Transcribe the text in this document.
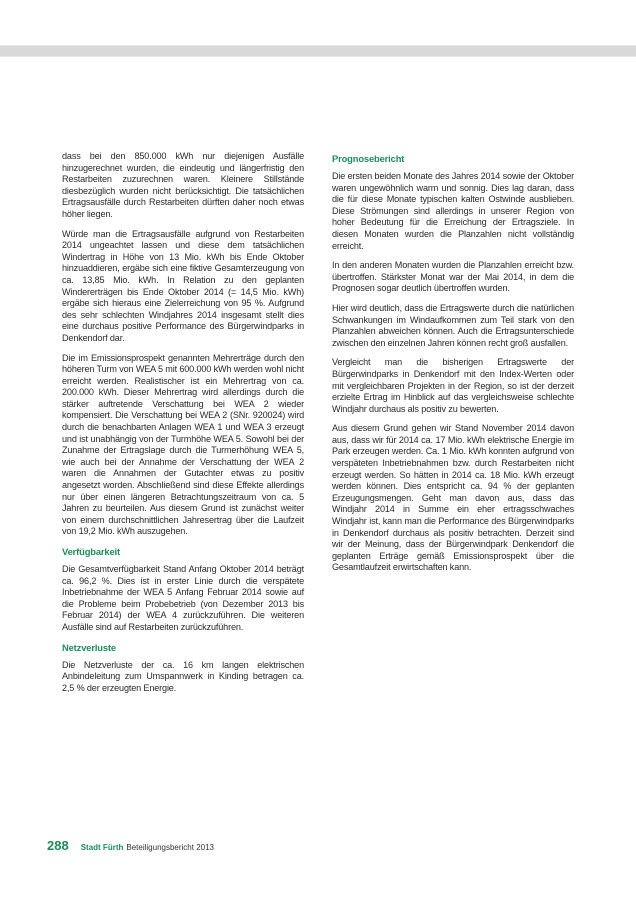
dass bei den 850.000 kWh nur diejenigen Ausfälle hinzugerechnet wurden, die eindeutig und längerfristig den Restarbeiten zuzurechnen waren. Kleinere Stillstände diesbezüglich wurden nicht berücksichtigt. Die tatsächlichen Ertragsausfälle durch Restarbeiten dürften daher noch etwas höher liegen.

Würde man die Ertragsausfälle aufgrund von Restarbeiten 2014 ungeachtet lassen und diese dem tatsächlichen Windertrag in Höhe von 13 Mio. kWh bis Ende Oktober hinzuaddieren, ergäbe sich eine fiktive Gesamterzeugung von ca. 13,85 Mio. kWh. In Relation zu den geplanten Windererträgen bis Ende Oktober 2014 (= 14,5 Mio. kWh) ergäbe sich hieraus eine Zielerreichung von 95 %. Aufgrund des sehr schlechten Windjahres 2014 insgesamt stellt dies eine durchaus positive Performance des Bürgerwindparks in Denkendorf dar.

Die im Emissionsprospekt genannten Mehrerträge durch den höheren Turm von WEA 5 mit 600.000 kWh werden wohl nicht erreicht werden. Realistischer ist ein Mehrertrag von ca. 200.000 kWh. Dieser Mehrertrag wird allerdings durch die stärker auftretende Verschattung bei WEA 2 wieder kompensiert. Die Verschattung bei WEA 2 (SNr. 920024) wird durch die benachbarten Anlagen WEA 1 und WEA 3 erzeugt und ist unabhängig von der Turmhöhe WEA 5. Sowohl bei der Zunahme der Ertragslage durch die Turmerhöhung WEA 5, wie auch bei der Annahme der Verschattung der WEA 2 waren die Annahmen der Gutachter etwas zu positiv angesetzt worden. Abschließend sind diese Effekte allerdings nur über einen längeren Betrachtungszeitraum von ca. 5 Jahren zu beurteilen. Aus diesem Grund ist zunächst weiter von einem durchschnittlichen Jahresertrag über die Laufzeit von 19,2 Mio. kWh auszugehen.

Verfügbarkeit

Die Gesamtverfügbarkeit Stand Anfang Oktober 2014 beträgt ca. 96,2 %. Dies ist in erster Linie durch die verspätete Inbetriebnahme der WEA 5 Anfang Februar 2014 sowie auf die Probleme beim Probebetrieb (von Dezember 2013 bis Februar 2014) der WEA 4 zurückzuführen. Die weiteren Ausfälle sind auf Restarbeiten zurückzuführen.

Netzverluste

Die Netzverluste der ca. 16 km langen elektrischen Anbindeleitung zum Umspannwerk in Kinding betragen ca. 2,5 % der erzeugten Energie.

Prognosebericht

Die ersten beiden Monate des Jahres 2014 sowie der Oktober waren ungewöhnlich warm und sonnig. Dies lag daran, dass die für diese Monate typischen kalten Ostwinde ausblieben. Diese Strömungen sind allerdings in unserer Region von hoher Bedeutung für die Erreichung der Ertragsziele. In diesen Monaten wurden die Planzahlen nicht vollständig erreicht.

In den anderen Monaten wurden die Planzahlen erreicht bzw. übertroffen. Stärkster Monat war der Mai 2014, in dem die Prognosen sogar deutlich übertroffen wurden.

Hier wird deutlich, dass die Ertragswerte durch die natürlichen Schwankungen im Windaufkommen zum Teil stark von den Planzahlen abweichen können. Auch die Ertragsunterschiede zwischen den einzelnen Jahren können recht groß ausfallen.

Vergleicht man die bisherigen Ertragswerte der Bürgerwindparks in Denkendorf mit den Index-Werten oder mit vergleichbaren Projekten in der Region, so ist der derzeit erzielte Ertrag im Hinblick auf das vergleichsweise schlechte Windjahr durchaus als positiv zu bewerten.

Aus diesem Grund gehen wir Stand November 2014 davon aus, dass wir für 2014 ca. 17 Mio. kWh elektrische Energie im Park erzeugen werden. Ca. 1 Mio. kWh konnten aufgrund von verspäteten Inbetriebnahmen bzw. durch Restarbeiten nicht erzeugt werden. So hätten in 2014 ca. 18 Mio. kWh erzeugt werden können. Dies entspricht ca. 94 % der geplanten Erzeugungsmengen. Geht man davon aus, dass das Windjahr 2014 in Summe ein eher ertragsschwaches Windjahr ist, kann man die Performance des Bürgerwindparks in Denkendorf durchaus als positiv betrachten. Derzeit sind wir der Meinung, dass der Bürgerwindpark Denkendorf die geplanten Erträge gemäß Emissionsprospekt über die Gesamtlaufzeit erwirtschaften kann.

288 Stadt Fürth Beteiligungsbericht 2013
